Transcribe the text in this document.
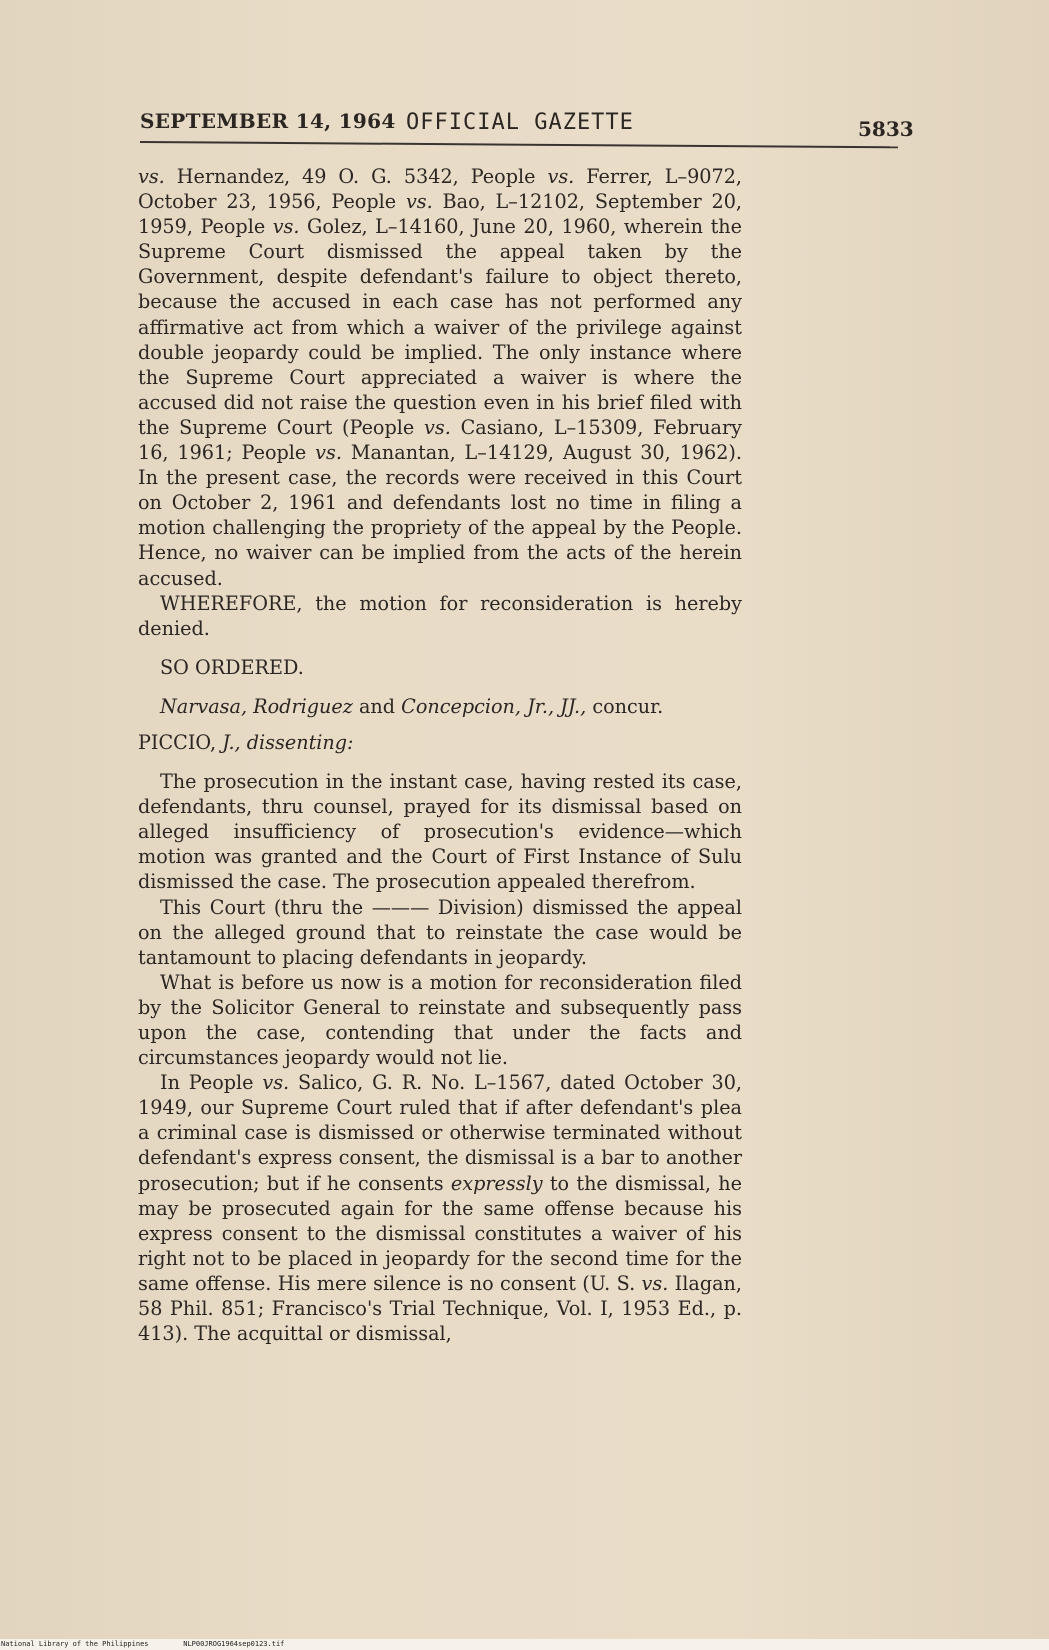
SEPTEMBER 14, 1964 OFFICIAL GAZETTE	5833

vs. Hernandez, 49 O. G. 5342, People vs. Ferrer, L–9072, October 23, 1956, People vs. Bao, L–12102, September 20, 1959, People vs. Golez, L–14160, June 20, 1960, wherein the Supreme Court dismissed the appeal taken by the Government, despite defendant's failure to object thereto, because the accused in each case has not performed any affirmative act from which a waiver of the privilege against double jeopardy could be implied. The only instance where the Supreme Court appreciated a waiver is where the accused did not raise the question even in his brief filed with the Supreme Court (People vs. Casiano, L–15309, February 16, 1961; People vs. Manantan, L–14129, August 30, 1962). In the present case, the records were received in this Court on October 2, 1961 and defendants lost no time in filing a motion challenging the propriety of the appeal by the People. Hence, no waiver can be implied from the acts of the herein accused.

WHEREFORE, the motion for reconsideration is hereby denied.

SO ORDERED.

Narvasa, Rodriguez and Concepcion, Jr., JJ., concur.

PICCIO, J., dissenting:

The prosecution in the instant case, having rested its case, defendants, thru counsel, prayed for its dismissal based on alleged insufficiency of prosecution's evidence—which motion was granted and the Court of First Instance of Sulu dismissed the case. The prosecution appealed therefrom.

This Court (thru the ——— Division) dismissed the appeal on the alleged ground that to reinstate the case would be tantamount to placing defendants in jeopardy.

What is before us now is a motion for reconsideration filed by the Solicitor General to reinstate and subsequently pass upon the case, contending that under the facts and circumstances jeopardy would not lie.

In People vs. Salico, G. R. No. L–1567, dated October 30, 1949, our Supreme Court ruled that if after defendant's plea a criminal case is dismissed or otherwise terminated without defendant's express consent, the dismissal is a bar to another prosecution; but if he consents expressly to the dismissal, he may be prosecuted again for the same offense because his express consent to the dismissal constitutes a waiver of his right not to be placed in jeopardy for the second time for the same offense. His mere silence is no consent (U. S. vs. Ilagan, 58 Phil. 851; Francisco's Trial Technique, Vol. I, 1953 Ed., p. 413). The acquittal or dismissal,

National Library of the Philippines	NLP00JROG1964sep0123.tif
